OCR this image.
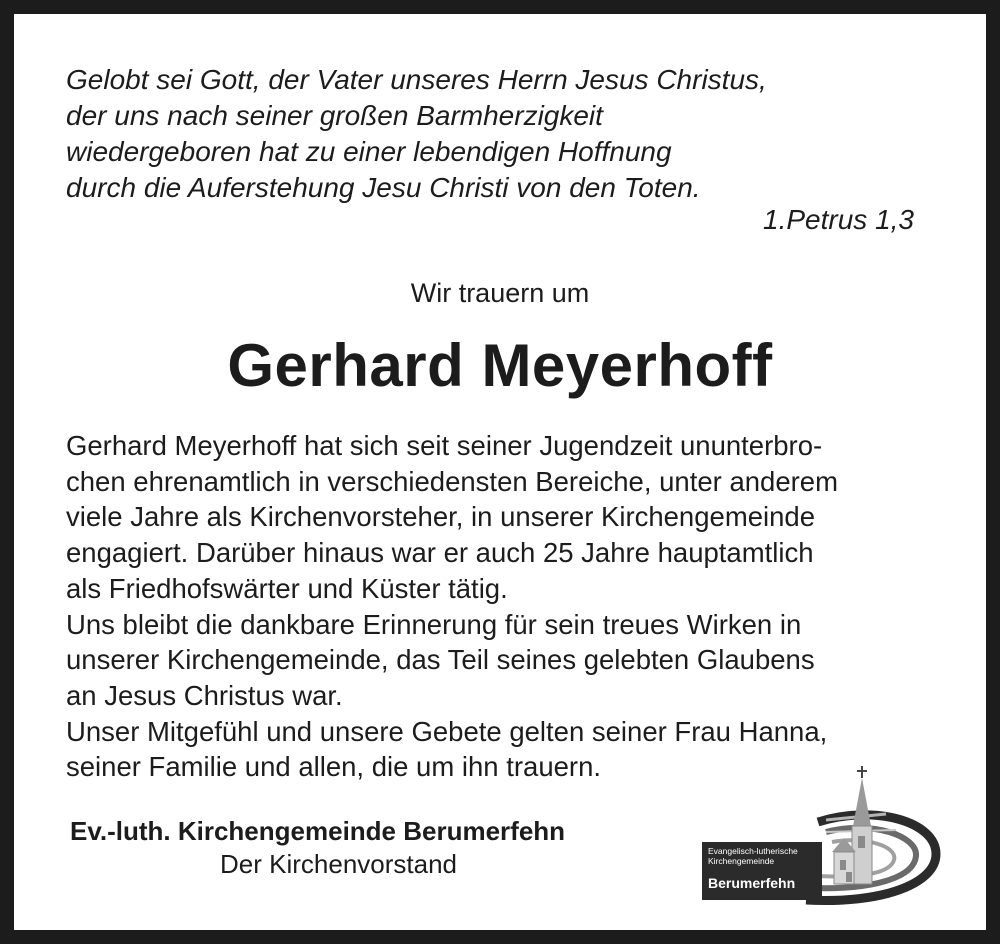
Gelobt sei Gott, der Vater unseres Herrn Jesus Christus,
der uns nach seiner großen Barmherzigkeit
wiedergeboren hat zu einer lebendigen Hoffnung
durch die Auferstehung Jesu Christi von den Toten.
1.Petrus 1,3
Wir trauern um
Gerhard Meyerhoff
Gerhard Meyerhoff hat sich seit seiner Jugendzeit ununterbro-
chen ehrenamtlich in verschiedensten Bereiche, unter anderem
viele Jahre als Kirchenvorsteher, in unserer Kirchengemeinde
engagiert. Darüber hinaus war er auch 25 Jahre hauptamtlich
als Friedhofswärter und Küster tätig.
Uns bleibt die dankbare Erinnerung für sein treues Wirken in
unserer Kirchengemeinde, das Teil seines gelebten Glaubens
an Jesus Christus war.
Unser Mitgefühl und unsere Gebete gelten seiner Frau Hanna,
seiner Familie und allen, die um ihn trauern.
Ev.-luth. Kirchengemeinde Berumerfehn
Der Kirchenvorstand	Evangelisch-lutherische
Kirchengemeinde
Berumerfehn
